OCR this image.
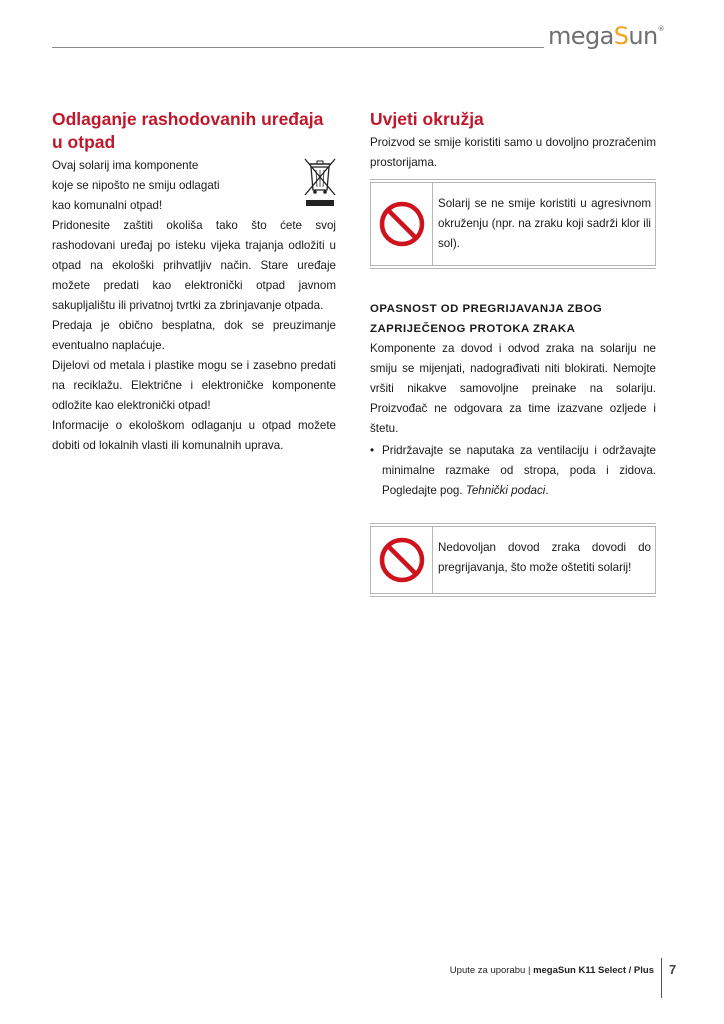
megaSun®
Odlaganje rashodovanih uređaja u otpad
Ovaj solarij ima komponente
koje se nipošto ne smiju odlagati
kao komunalni otpad!
Pridonesite zaštiti okoliša tako što ćete svoj rashodovani uređaj po isteku vijeka trajanja odložiti u otpad na ekološki prihvatljiv način. Stare uređaje možete predati kao elektronički otpad javnom sakupljalištu ili privatnoj tvrtki za zbrinjavanje otpada.
Predaja je obično besplatna, dok se preuzimanje eventualno naplaćuje.
Dijelovi od metala i plastike mogu se i zasebno predati na reciklažu. Električne i elektroničke komponente odložite kao elektronički otpad!
Informacije o ekološkom odlaganju u otpad možete dobiti od lokalnih vlasti ili komunalnih uprava.
Uvjeti okružja
Proizvod se smije koristiti samo u dovoljno prozračenim prostorijama.
Solarij se ne smije koristiti u agresivnom okruženju (npr. na zraku koji sadrži klor ili sol).
OPASNOST OD PREGRIJAVANJA ZBOG ZAPRIJEČENOG PROTOKA ZRAKA
Komponente za dovod i odvod zraka na solariju ne smiju se mijenjati, nadograđivati niti blokirati. Nemojte vršiti nikakve samovoljne preinake na solariju. Proizvođač ne odgovara za time izazvane ozljede i štetu.
• Pridržavajte se naputaka za ventilaciju i održavajte minimalne razmake od stropa, poda i zidova. Pogledajte pog. Tehnički podaci.
Nedovoljan dovod zraka dovodi do pregrijavanja, što može oštetiti solarij!
Upute za uporabu | megaSun K11 Select / Plus 7
